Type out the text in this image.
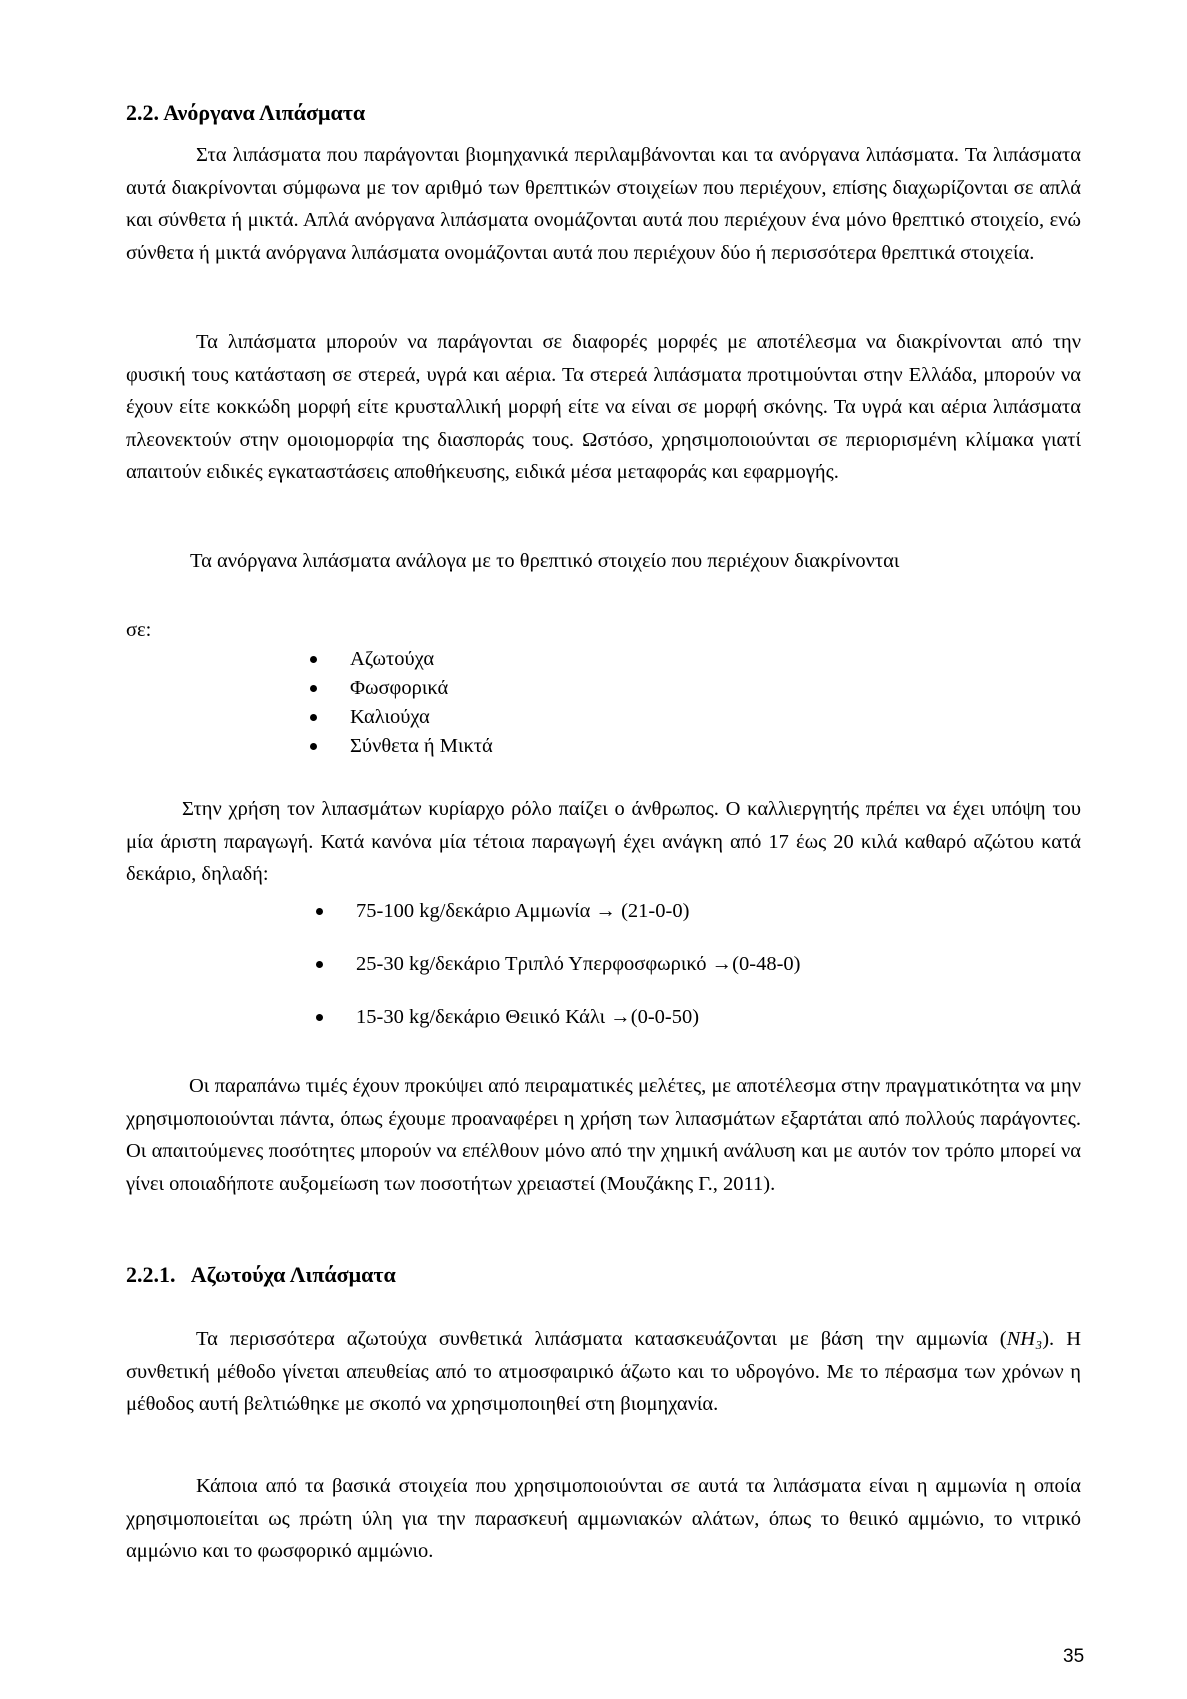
2.2. Ανόργανα Λιπάσματα

Στα λιπάσματα που παράγονται βιομηχανικά περιλαμβάνονται και τα ανόργανα λιπάσματα. Τα λιπάσματα αυτά διακρίνονται σύμφωνα με τον αριθμό των θρεπτικών στοιχείων που περιέχουν, επίσης διαχωρίζονται σε απλά και σύνθετα ή μικτά. Απλά ανόργανα λιπάσματα ονομάζονται αυτά που περιέχουν ένα μόνο θρεπτικό στοιχείο, ενώ σύνθετα ή μικτά ανόργανα λιπάσματα ονομάζονται αυτά που περιέχουν δύο ή περισσότερα θρεπτικά στοιχεία.

Τα λιπάσματα μπορούν να παράγονται σε διαφορές μορφές με αποτέλεσμα να διακρίνονται από την φυσική τους κατάσταση σε στερεά, υγρά και αέρια. Τα στερεά λιπάσματα προτιμούνται στην Ελλάδα, μπορούν να έχουν είτε κοκκώδη μορφή είτε κρυσταλλική μορφή είτε να είναι σε μορφή σκόνης. Τα υγρά και αέρια λιπάσματα πλεονεκτούν στην ομοιομορφία της διασποράς τους. Ωστόσο, χρησιμοποιούνται σε περιορισμένη κλίμακα γιατί απαιτούν ειδικές εγκαταστάσεις αποθήκευσης, ειδικά μέσα μεταφοράς και εφαρμογής.

Τα ανόργανα λιπάσματα ανάλογα με το θρεπτικό στοιχείο που περιέχουν διακρίνονται

σε:

Αζωτούχα
Φωσφορικά
Καλιούχα
Σύνθετα ή Μικτά

Στην χρήση τον λιπασμάτων κυρίαρχο ρόλο παίζει ο άνθρωπος. Ο καλλιεργητής πρέπει να έχει υπόψη του μία άριστη παραγωγή. Κατά κανόνα μία τέτοια παραγωγή έχει ανάγκη από 17 έως 20 κιλά καθαρό αζώτου κατά δεκάριο, δηλαδή:

75-100 kg/δεκάριο Αμμωνία → (21-0-0)
25-30 kg/δεκάριο Τριπλό Υπερφοσφωρικό →(0-48-0)
15-30 kg/δεκάριο Θειικό Κάλι →(0-0-50)

Οι παραπάνω τιμές έχουν προκύψει από πειραματικές μελέτες, με αποτέλεσμα στην πραγματικότητα να μην χρησιμοποιούνται πάντα, όπως έχουμε προαναφέρει η χρήση των λιπασμάτων εξαρτάται από πολλούς παράγοντες. Οι απαιτούμενες ποσότητες μπορούν να επέλθουν μόνο από την χημική ανάλυση και με αυτόν τον τρόπο μπορεί να γίνει οποιαδήποτε αυξομείωση των ποσοτήτων χρειαστεί (Μουζάκης Γ., 2011).

2.2.1.   Αζωτούχα Λιπάσματα

Τα περισσότερα αζωτούχα συνθετικά λιπάσματα κατασκευάζονται με βάση την αμμωνία (NH₃). Η συνθετική μέθοδο γίνεται απευθείας από το ατμοσφαιρικό άζωτο και το υδρογόνο. Με το πέρασμα των χρόνων η μέθοδος αυτή βελτιώθηκε με σκοπό να χρησιμοποιηθεί στη βιομηχανία.

Κάποια από τα βασικά στοιχεία που χρησιμοποιούνται σε αυτά τα λιπάσματα είναι η αμμωνία η οποία χρησιμοποιείται ως πρώτη ύλη για την παρασκευή αμμωνιακών αλάτων, όπως το θειικό αμμώνιο, το νιτρικό αμμώνιο και το φωσφορικό αμμώνιο.

35
